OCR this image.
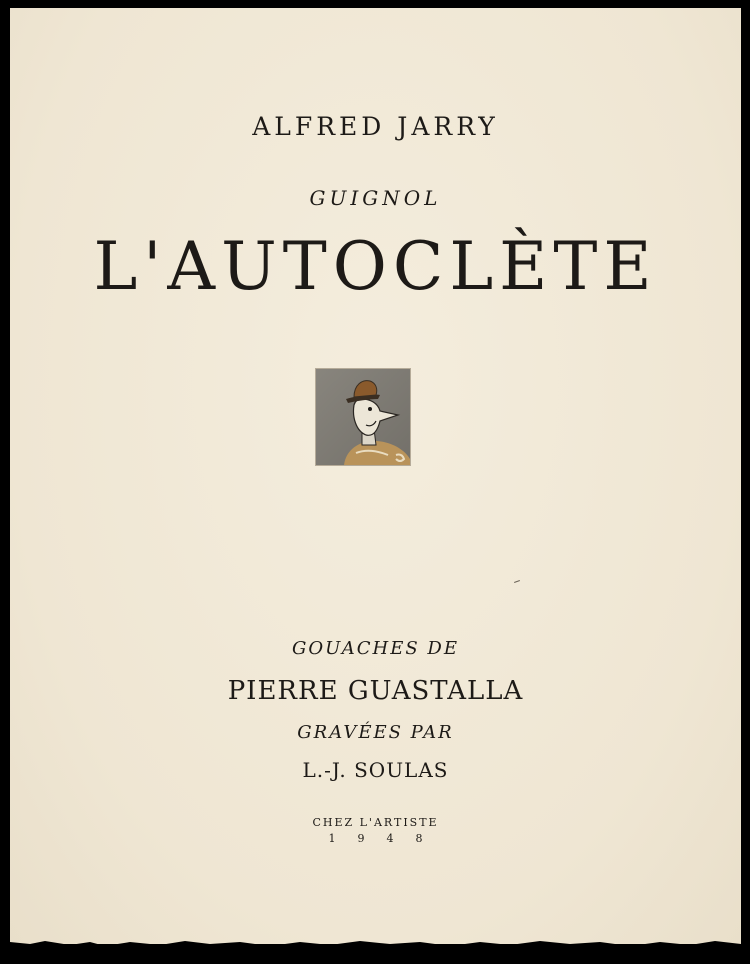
ALFRED JARRY
GUIGNOL
L'AUTOCLÈTE
GOUACHES DE
PIERRE GUASTALLA
GRAVÉES PAR
L.-J. SOULAS
CHEZ L'ARTISTE
1948
